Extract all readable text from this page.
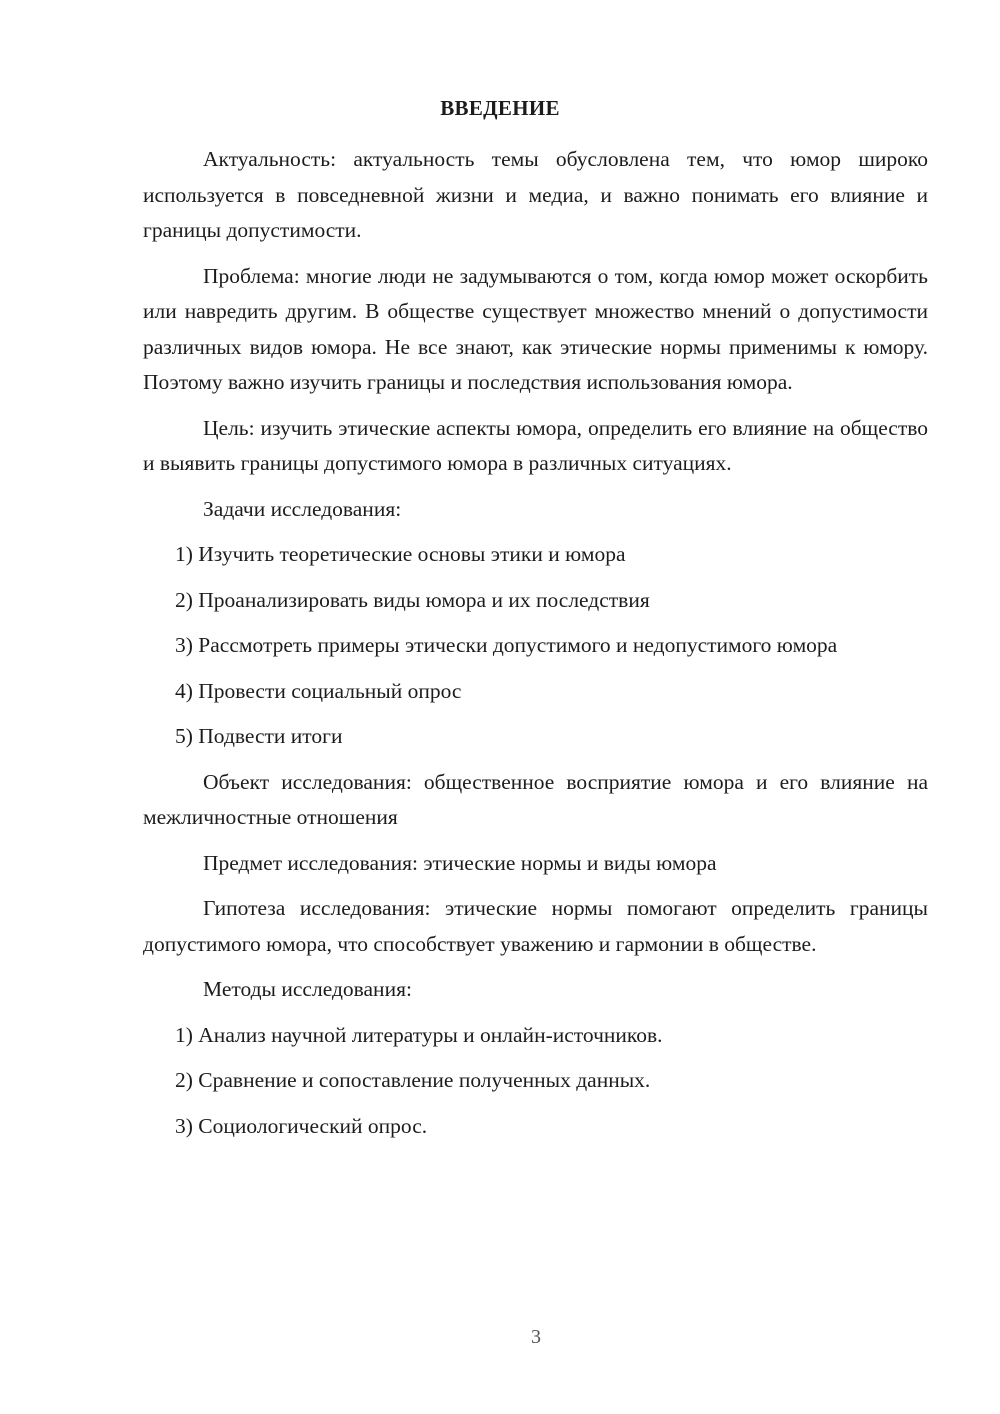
ВВЕДЕНИЕ

Актуальность: актуальность темы обусловлена тем, что юмор широко используется в повседневной жизни и медиа, и важно понимать его влияние и границы допустимости.

Проблема: многие люди не задумываются о том, когда юмор может оскорбить или навредить другим. В обществе существует множество мнений о допустимости различных видов юмора. Не все знают, как этические нормы применимы к юмору. Поэтому важно изучить границы и последствия использования юмора.

Цель: изучить этические аспекты юмора, определить его влияние на общество и выявить границы допустимого юмора в различных ситуациях.

Задачи исследования:

1) Изучить теоретические основы этики и юмора

2) Проанализировать виды юмора и их последствия

3) Рассмотреть примеры этически допустимого и недопустимого юмора

4) Провести социальный опрос

5) Подвести итоги

Объект исследования: общественное восприятие юмора и его влияние на межличностные отношения

Предмет исследования: этические нормы и виды юмора

Гипотеза исследования: этические нормы помогают определить границы допустимого юмора, что способствует уважению и гармонии в обществе.

Методы исследования:

1) Анализ научной литературы и онлайн-источников.

2) Сравнение и сопоставление полученных данных.

3) Социологический опрос.

3
